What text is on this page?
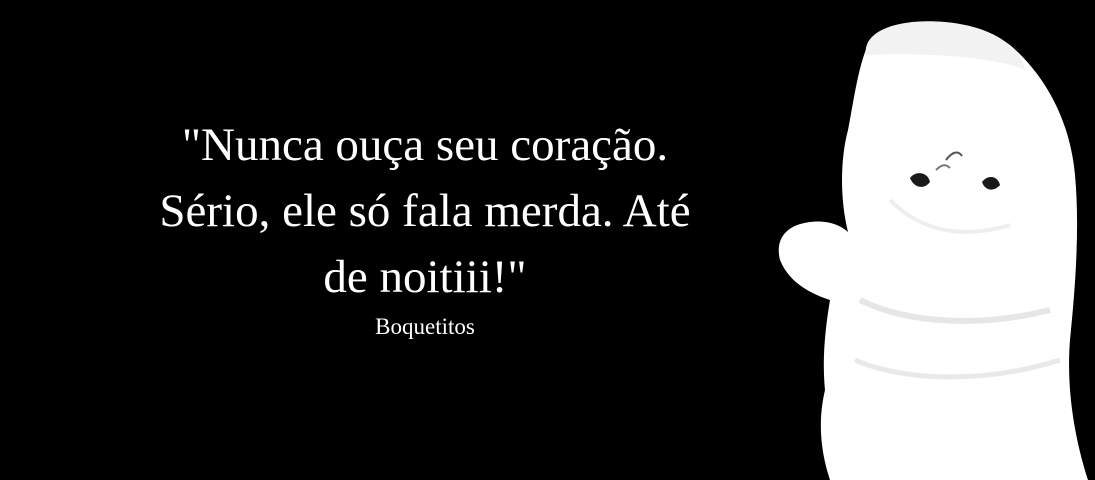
"Nunca ouça seu coração.
Sério, ele só fala merda. Até
de noitiii!"
Boquetitos
